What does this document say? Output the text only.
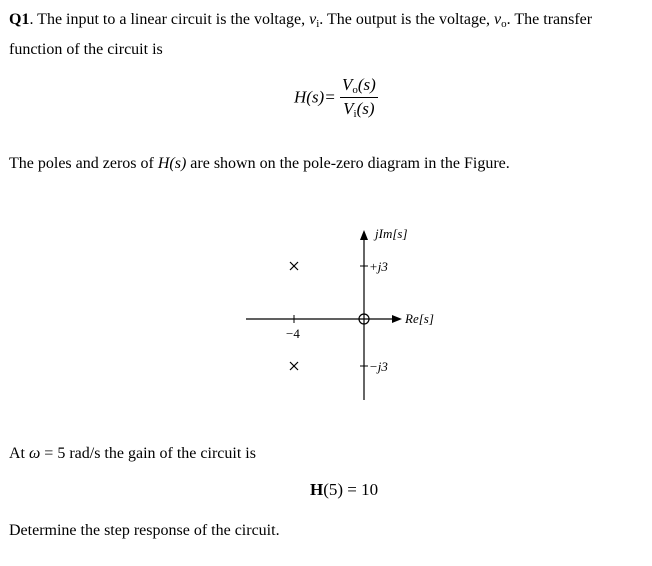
Q1. The input to a linear circuit is the voltage, $v_i$. The output is the voltage, $v_o$. The transfer
function of the circuit is
$H(s)= \frac{V_o(s)}{V_i(s)}$
The poles and zeros of H(s) are shown on the pole-zero diagram in the Figure.
jIm[s]
Re[s]
+j3
−j3
−4
At ω = 5 rad/s the gain of the circuit is
H(5) = 10
Determine the step response of the circuit.
